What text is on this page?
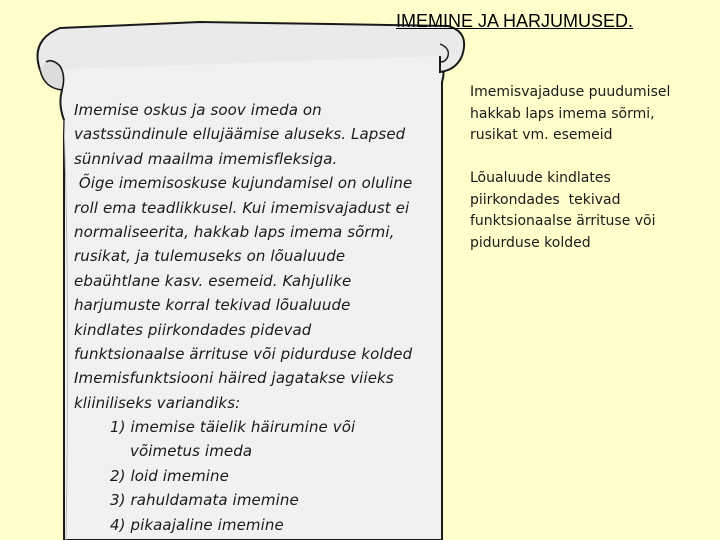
IMEMINE JA HARJUMUSED.
Imemise oskus ja soov imeda on
vastssündinule ellujäämise aluseks. Lapsed
sünnivad maailma imemisfleksiga.
Õige imemisoskuse kujundamisel on oluline
roll ema teadlikkusel. Kui imemisvajadust ei
normaliseerita, hakkab laps imema sõrmi,
rusikat, ja tulemuseks on lõualuude
ebaühtlane kasv. esemeid. Kahjulike
harjumuste korral tekivad lõualuude
kindlates piirkondades pidevad
funktsionaalse ärrituse või pidurduse kolded
Imemisfunktsiooni häired jagatakse viieks
kliiniliseks variandiks:
1) imemise täielik häirumine või
võimetus imeda
2) loid imemine
3) rahuldamata imemine
4) pikaajaline imemine
Imemisvajaduse puudumisel
hakkab laps imema sõrmi,
rusikat vm. esemeid
Lõualuude kindlates
piirkondades  tekivad
funktsionaalse ärrituse või
pidurduse kolded
